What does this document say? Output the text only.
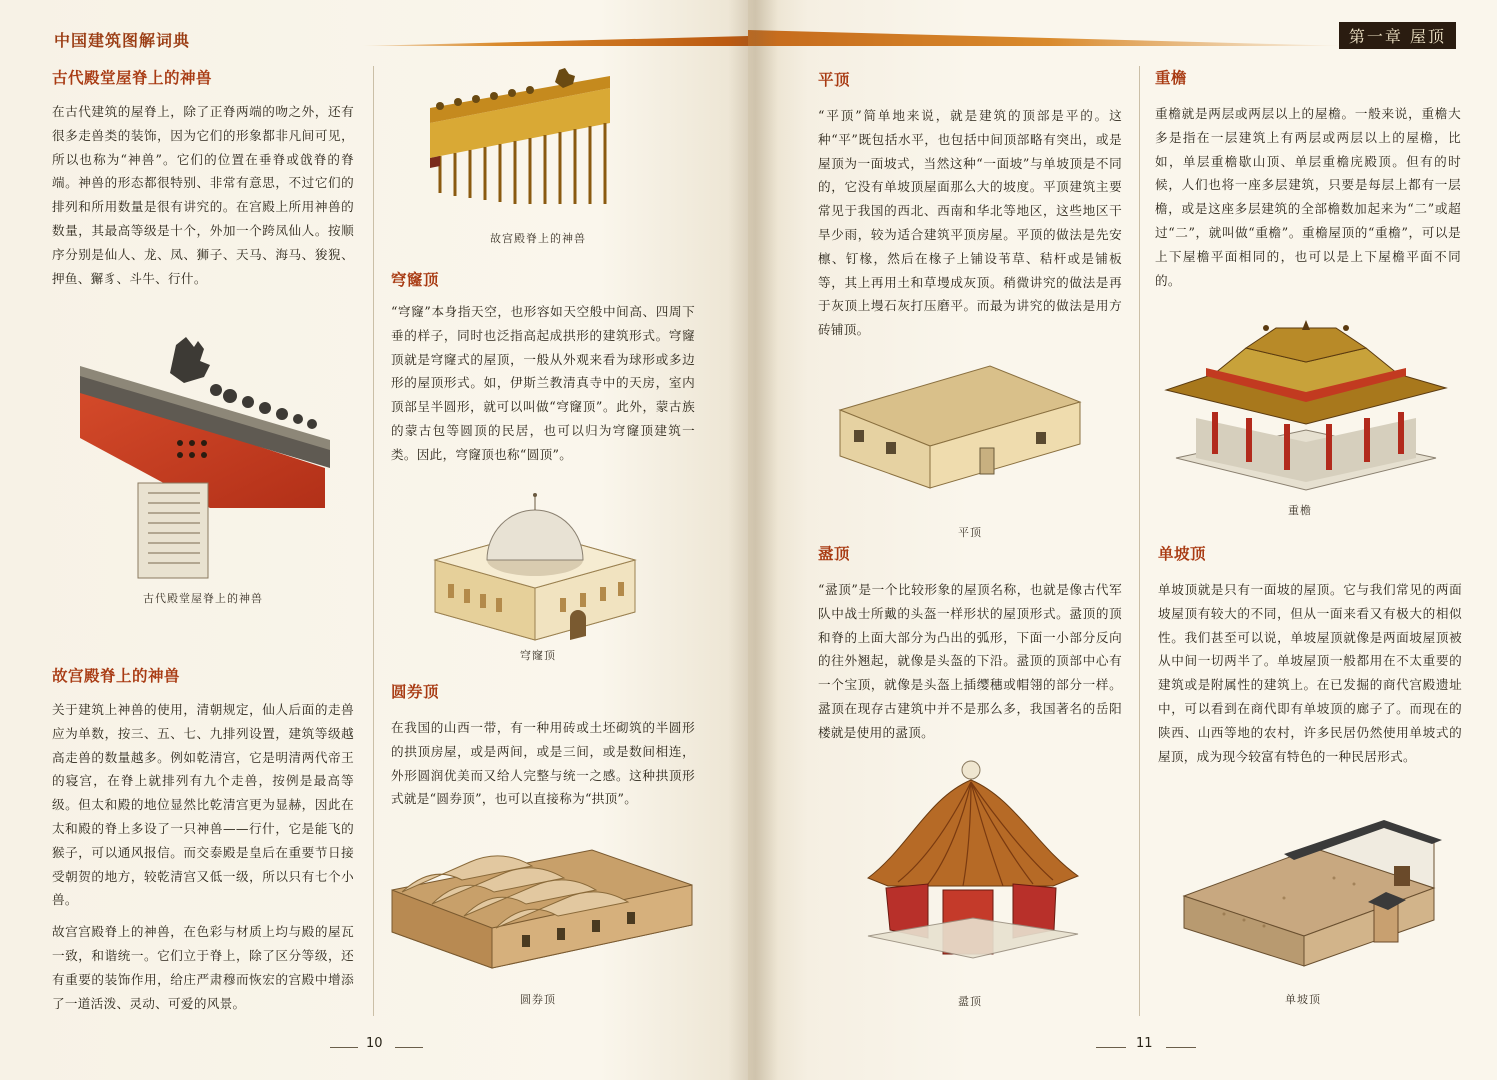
中国建筑图解词典
古代殿堂屋脊上的神兽

在古代建筑的屋脊上，除了正脊两端的吻之外，还有很多走兽类的装饰，因为它们的形象都非凡间可见，所以也称为“神兽”。它们的位置在垂脊或戗脊的脊端。神兽的形态都很特别、非常有意思，不过它们的排列和所用数量是很有讲究的。在宫殿上所用神兽的数量，其最高等级是十个，外加一个跨凤仙人。按顺序分别是仙人、龙、凤、狮子、天马、海马、狻猊、押鱼、獬豸、斗牛、行什。

古代殿堂屋脊上的神兽
故宫殿脊上的神兽

关于建筑上神兽的使用，清朝规定，仙人后面的走兽应为单数，按三、五、七、九排列设置，建筑等级越高走兽的数量越多。例如乾清宫，它是明清两代帝王的寝宫，在脊上就排列有九个走兽，按例是最高等级。但太和殿的地位显然比乾清宫更为显赫，因此在太和殿的脊上多设了一只神兽——行什，它是能飞的猴子，可以通风报信。而交泰殿是皇后在重要节日接受朝贺的地方，较乾清宫又低一级，所以只有七个小兽。

故宫宫殿脊上的神兽，在色彩与材质上均与殿的屋瓦一致，和谐统一。它们立于脊上，除了区分等级，还有重要的装饰作用，给庄严肃穆而恢宏的宫殿中增添了一道活泼、灵动、可爱的风景。

故宫殿脊上的神兽
穹窿顶

“穹窿”本身指天空，也形容如天空般中间高、四周下垂的样子，同时也泛指高起成拱形的建筑形式。穹窿顶就是穹窿式的屋顶，一般从外观来看为球形或多边形的屋顶形式。如，伊斯兰教清真寺中的天房，室内顶部呈半圆形，就可以叫做“穹窿顶”。此外，蒙古族的蒙古包等圆顶的民居，也可以归为穹窿顶建筑一类。因此，穹窿顶也称“圆顶”。

穹窿顶
圆券顶

在我国的山西一带，有一种用砖或土坯砌筑的半圆形的拱顶房屋，或是两间，或是三间，或是数间相连，外形圆润优美而又给人完整与统一之感。这种拱顶形式就是“圆券顶”，也可以直接称为“拱顶”。

圆券顶
10
第一章 屋顶
平顶

“平顶”简单地来说，就是建筑的顶部是平的。这种“平”既包括水平，也包括中间顶部略有突出，或是屋顶为一面坡式，当然这种“一面坡”与单坡顶是不同的，它没有单坡顶屋面那么大的坡度。平顶建筑主要常见于我国的西北、西南和华北等地区，这些地区干旱少雨，较为适合建筑平顶房屋。平顶的做法是先安檩、钉椽，然后在椽子上铺设苇草、秸杆或是铺板等，其上再用土和草墁成灰顶。稍微讲究的做法是再于灰顶上墁石灰打压磨平。而最为讲究的做法是用方砖铺顶。

平顶
盝顶

“盝顶”是一个比较形象的屋顶名称，也就是像古代军队中战士所戴的头盔一样形状的屋顶形式。盝顶的顶和脊的上面大部分为凸出的弧形，下面一小部分反向的往外翘起，就像是头盔的下沿。盝顶的顶部中心有一个宝顶，就像是头盔上插缨穗或帽翎的部分一样。盝顶在现存古建筑中并不是那么多，我国著名的岳阳楼就是使用的盝顶。

盝顶
重檐

重檐就是两层或两层以上的屋檐。一般来说，重檐大多是指在一层建筑上有两层或两层以上的屋檐，比如，单层重檐歇山顶、单层重檐庑殿顶。但有的时候，人们也将一座多层建筑，只要是每层上都有一层檐，或是这座多层建筑的全部檐数加起来为“二”或超过“二”，就叫做“重檐”。重檐屋顶的“重檐”，可以是上下屋檐平面相同的，也可以是上下屋檐平面不同的。

重檐
单坡顶

单坡顶就是只有一面坡的屋顶。它与我们常见的两面坡屋顶有较大的不同，但从一面来看又有极大的相似性。我们甚至可以说，单坡屋顶就像是两面坡屋顶被从中间一切两半了。单坡屋顶一般都用在不太重要的建筑或是附属性的建筑上。在已发掘的商代宫殿遗址中，可以看到在商代即有单坡顶的廊子了。而现在的陕西、山西等地的农村，许多民居仍然使用单坡式的屋顶，成为现今较富有特色的一种民居形式。

单坡顶
11
